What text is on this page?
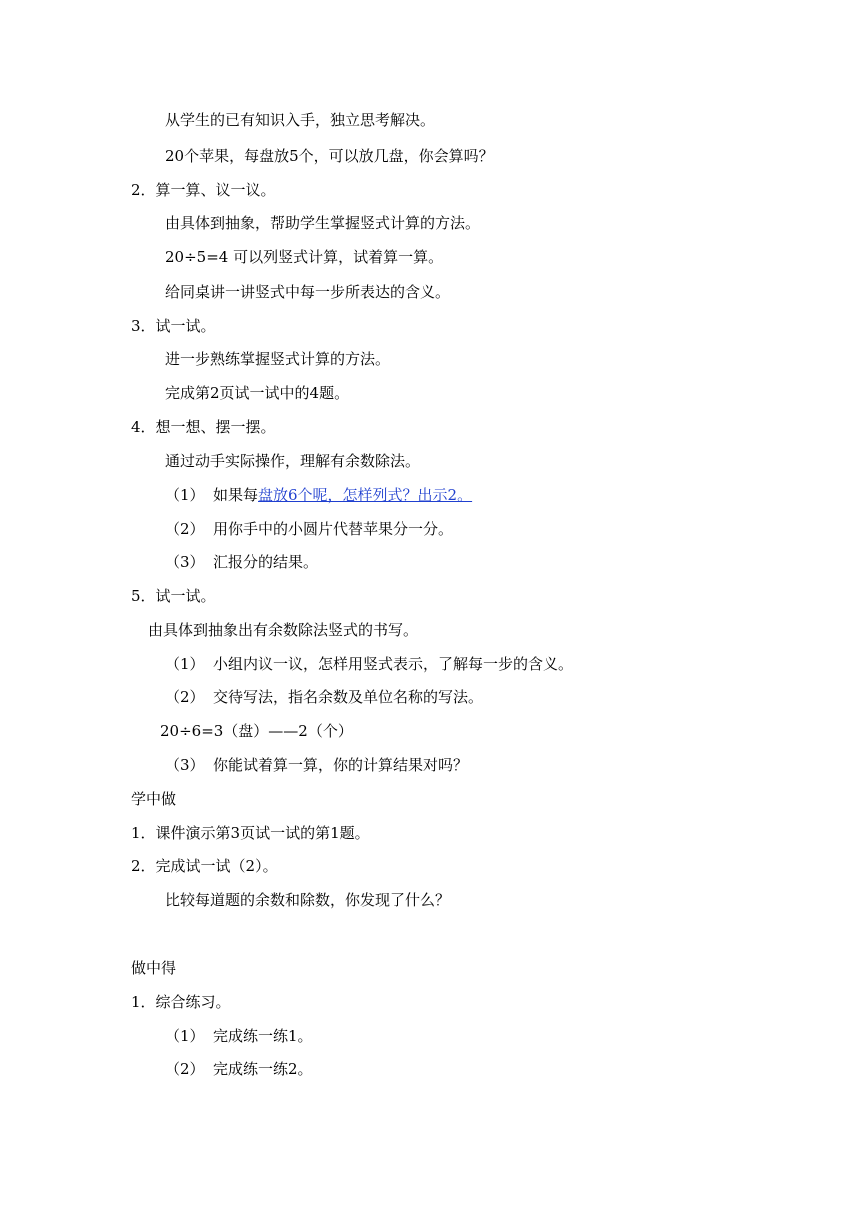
从学生的已有知识入手，独立思考解决。
20个苹果，每盘放5个，可以放几盘，你会算吗？
2．算一算、议一议。
由具体到抽象，帮助学生掌握竖式计算的方法。
20÷5=4 可以列竖式计算，试着算一算。
给同桌讲一讲竖式中每一步所表达的含义。
3．试一试。
进一步熟练掌握竖式计算的方法。
完成第2页试一试中的4题。
4．想一想、摆一摆。
通过动手实际操作，理解有余数除法。
（1） 如果每盘放6个呢，怎样列式？出示2。
（2） 用你手中的小圆片代替苹果分一分。
（3） 汇报分的结果。
5．试一试。
由具体到抽象出有余数除法竖式的书写。
（1） 小组内议一议，怎样用竖式表示，了解每一步的含义。
（2） 交待写法，指名余数及单位名称的写法。
20÷6=3（盘）——2（个）
（3） 你能试着算一算，你的计算结果对吗？
学中做
1．课件演示第3页试一试的第1题。
2．完成试一试（2）。
比较每道题的余数和除数，你发现了什么？
做中得
1．综合练习。
（1） 完成练一练1。
（2） 完成练一练2。
